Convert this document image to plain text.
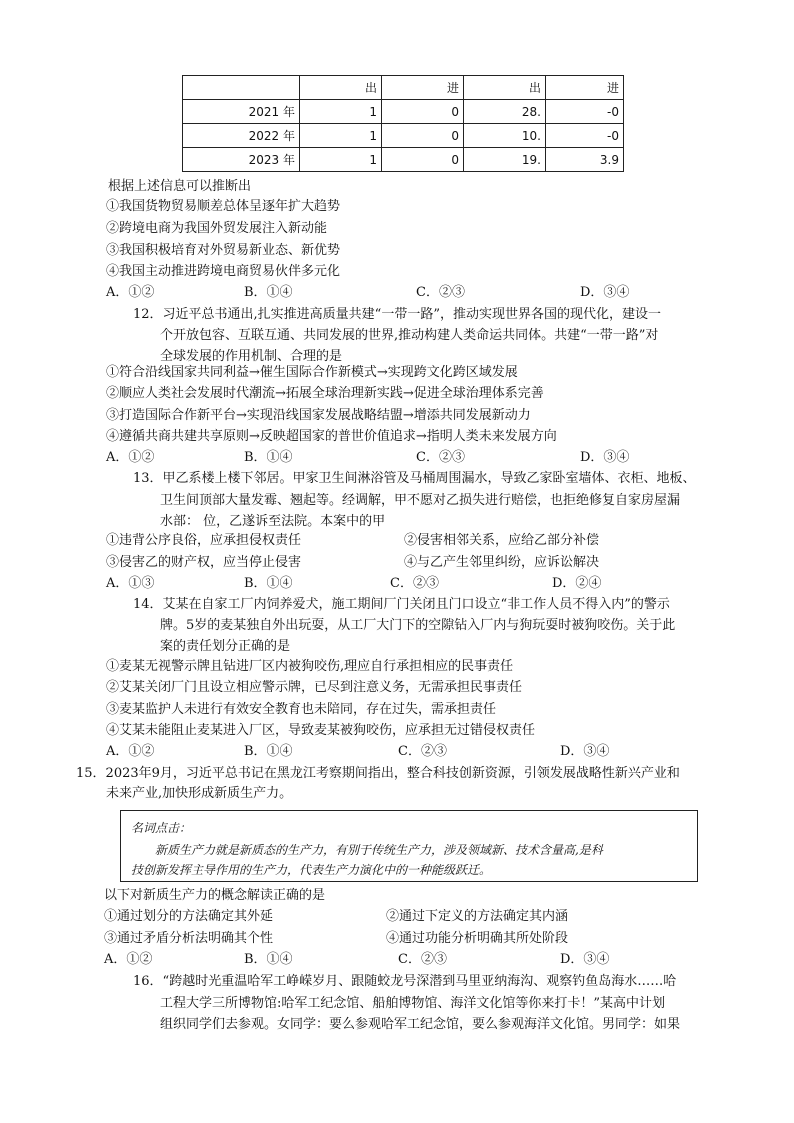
	出	进	出	进
2021 年	1	0	28.	-0
2022 年	1	0	10.	-0
2023 年	1	0	19.	3.9
根据上述信息可以推断出
①我国货物贸易顺差总体呈逐年扩大趋势
②跨境电商为我国外贸发展注入新动能
③我国积极培育对外贸易新业态、新优势
④我国主动推进跨境电商贸易伙伴多元化
A．①②	B．①④	C．②③	D．③④
12．习近平总书通出,扎实推进高质量共建“一带一路”，推动实现世界各国的现代化，建设一
个开放包容、互联互通、共同发展的世界,推动构建人类命运共同体。共建“一带一路”对
全球发展的作用机制、合理的是
①符合沿线国家共同利益→催生国际合作新模式→实现跨文化跨区域发展
②顺应人类社会发展时代潮流→拓展全球治理新实践→促进全球治理体系完善
③打造国际合作新平台→实现沿线国家发展战略结盟→增添共同发展新动力
④遵循共商共建共享原则→反映超国家的普世价值追求→指明人类未来发展方向
A．①②	B．①④	C．②③	D．③④
13．甲乙系楼上楼下邻居。甲家卫生间淋浴管及马桶周围漏水，导致乙家卧室墙体、衣柜、地板、
卫生间顶部大量发霉、翘起等。经调解，甲不愿对乙损失进行赔偿，也拒绝修复自家房屋漏
水部： 位，乙遂诉至法院。本案中的甲
①违背公序良俗，应承担侵权责任	②侵害相邻关系，应给乙部分补偿
③侵害乙的财产权，应当停止侵害	④与乙产生邻里纠纷，应诉讼解决
A．①③	B．①④	C．②③	D．②④
14．艾某在自家工厂内饲养爱犬，施工期间厂门关闭且门口设立“非工作人员不得入内”的警示
牌。5岁的麦某独自外出玩耍，从工厂大门下的空隙钻入厂内与狗玩耍时被狗咬伤。关于此
案的责任划分正确的是
①麦某无视警示牌且钻进厂区内被狗咬伤,理应自行承担相应的民事责任
②艾某关闭厂门且设立相应警示牌，已尽到注意义务，无需承担民事责任
③麦某监护人未进行有效安全教育也未陪同，存在过失，需承担责任
④艾某未能阻止麦某进入厂区，导致麦某被狗咬伤，应承担无过错侵权责任
A．①②	B．①④	C．②③	D．③④
15．2023年9月，习近平总书记在黑龙江考察期间指出，整合科技创新资源，引领发展战略性新兴产业和
未来产业,加快形成新质生产力。
名词点击：
新质生产力就是新质态的生产力，有别于传统生产力，涉及领域新、技术含量高,是科
技创新发挥主导作用的生产力，代表生产力演化中的一种能级跃迁。
以下对新质生产力的概念解读正确的是
①通过划分的方法确定其外延	②通过下定义的方法确定其内涵
③通过矛盾分析法明确其个性	④通过功能分析明确其所处阶段
A．①②	B．①④	C．②③	D．③④
16．“跨越时光重温哈军工峥嵘岁月、跟随蛟龙号深潜到马里亚纳海沟、观察钓鱼岛海水……哈
工程大学三所博物馆:哈军工纪念馆、船舶博物馆、海洋文化馆等你来打卡！”某高中计划
组织同学们去参观。女同学：要么参观哈军工纪念馆，要么参观海洋文化馆。男同学：如果
